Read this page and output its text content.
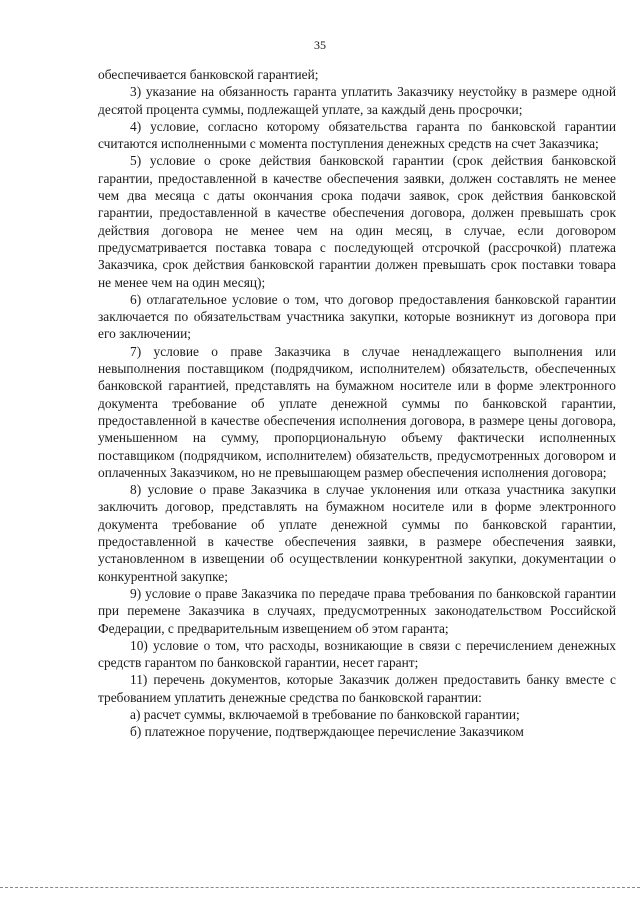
35

обеспечивается банковской гарантией;

3) указание на обязанность гаранта уплатить Заказчику неустойку в размере одной десятой процента суммы, подлежащей уплате, за каждый день просрочки;

4) условие, согласно которому обязательства гаранта по банковской гарантии считаются исполненными с момента поступления денежных средств на счет Заказчика;

5) условие о сроке действия банковской гарантии (срок действия банковской гарантии, предоставленной в качестве обеспечения заявки, должен составлять не менее чем два месяца с даты окончания срока подачи заявок, срок действия банковской гарантии, предоставленной в качестве обеспечения договора, должен превышать срок действия договора не менее чем на один месяц, в случае, если договором предусматривается поставка товара с последующей отсрочкой (рассрочкой) платежа Заказчика, срок действия банковской гарантии должен превышать срок поставки товара не менее чем на один месяц);

6) отлагательное условие о том, что договор предоставления банковской гарантии заключается по обязательствам участника закупки, которые возникнут из договора при его заключении;

7) условие о праве Заказчика в случае ненадлежащего выполнения или невыполнения поставщиком (подрядчиком, исполнителем) обязательств, обеспеченных банковской гарантией, представлять на бумажном носителе или в форме электронного документа требование об уплате денежной суммы по банковской гарантии, предоставленной в качестве обеспечения исполнения договора, в размере цены договора, уменьшенном на сумму, пропорциональную объему фактически исполненных поставщиком (подрядчиком, исполнителем) обязательств, предусмотренных договором и оплаченных Заказчиком, но не превышающем размер обеспечения исполнения договора;

8) условие о праве Заказчика в случае уклонения или отказа участника закупки заключить договор, представлять на бумажном носителе или в форме электронного документа требование об уплате денежной суммы по банковской гарантии, предоставленной в качестве обеспечения заявки, в размере обеспечения заявки, установленном в извещении об осуществлении конкурентной закупки, документации о конкурентной закупке;

9) условие о праве Заказчика по передаче права требования по банковской гарантии при перемене Заказчика в случаях, предусмотренных законодательством Российской Федерации, с предварительным извещением об этом гаранта;

10) условие о том, что расходы, возникающие в связи с перечислением денежных средств гарантом по банковской гарантии, несет гарант;

11) перечень документов, которые Заказчик должен предоставить банку вместе с требованием уплатить денежные средства по банковской гарантии:

а) расчет суммы, включаемой в требование по банковской гарантии;

б) платежное поручение, подтверждающее перечисление Заказчиком
